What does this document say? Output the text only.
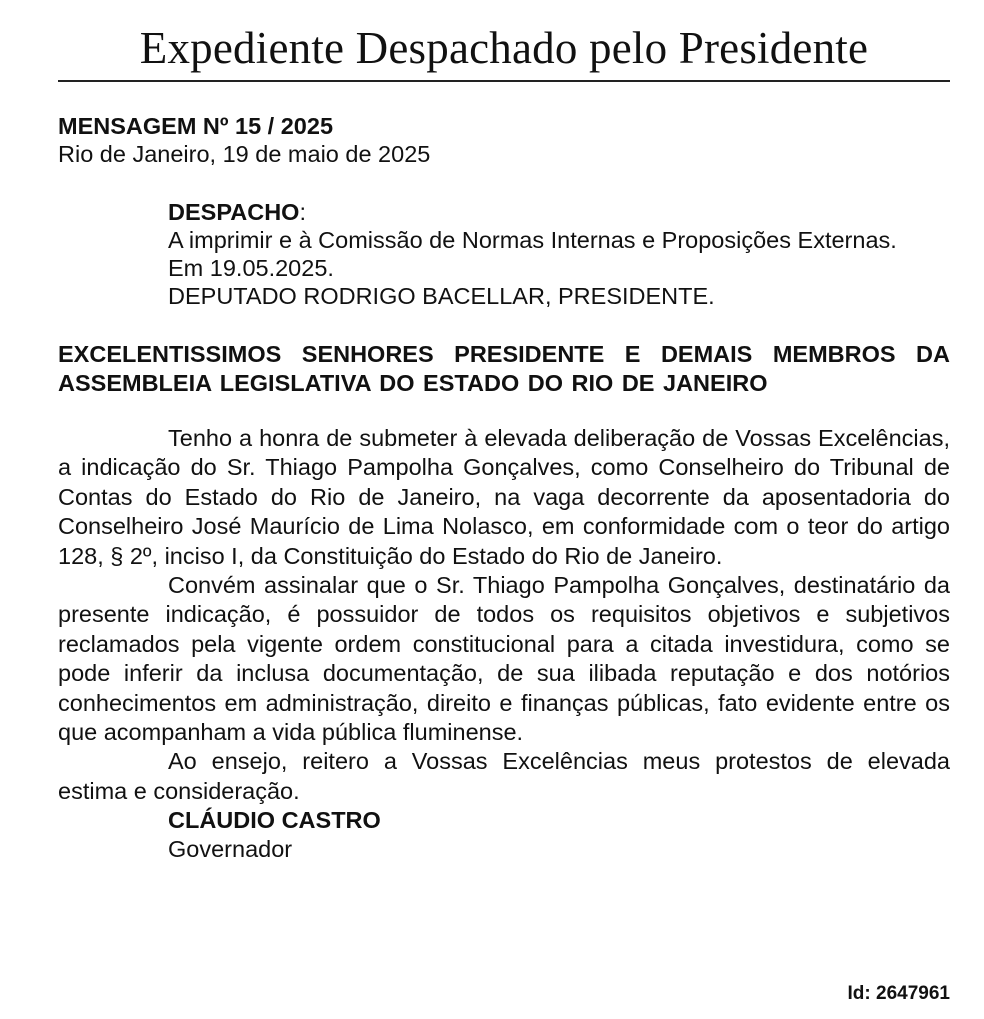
Expediente Despachado pelo Presidente
MENSAGEM Nº 15 / 2025
Rio de Janeiro, 19 de maio de 2025

DESPACHO:

A imprimir e à Comissão de Normas Internas e Proposições Externas.

Em 19.05.2025.

DEPUTADO RODRIGO BACELLAR, PRESIDENTE.

EXCELENTISSIMOS SENHORES PRESIDENTE E DEMAIS MEMBROS DA ASSEMBLEIA LEGISLATIVA DO ESTADO DO RIO DE JANEIRO

Tenho a honra de submeter à elevada deliberação de Vossas Excelências, a indicação do Sr. Thiago Pampolha Gonçalves, como Conselheiro do Tribunal de Contas do Estado do Rio de Janeiro, na vaga decorrente da aposentadoria do Conselheiro José Maurício de Lima Nolasco, em conformidade com o teor do artigo 128, § 2º, inciso I, da Constituição do Estado do Rio de Janeiro.

Convém assinalar que o Sr. Thiago Pampolha Gonçalves, destinatário da presente indicação, é possuidor de todos os requisitos objetivos e subjetivos reclamados pela vigente ordem constitucional para a citada investidura, como se pode inferir da inclusa documentação, de sua ilibada reputação e dos notórios conhecimentos em administração, direito e finanças públicas, fato evidente entre os que acompanham a vida pública fluminense.

Ao ensejo, reitero a Vossas Excelências meus protestos de elevada estima e consideração.

CLÁUDIO CASTRO
Governador
Id: 2647961
